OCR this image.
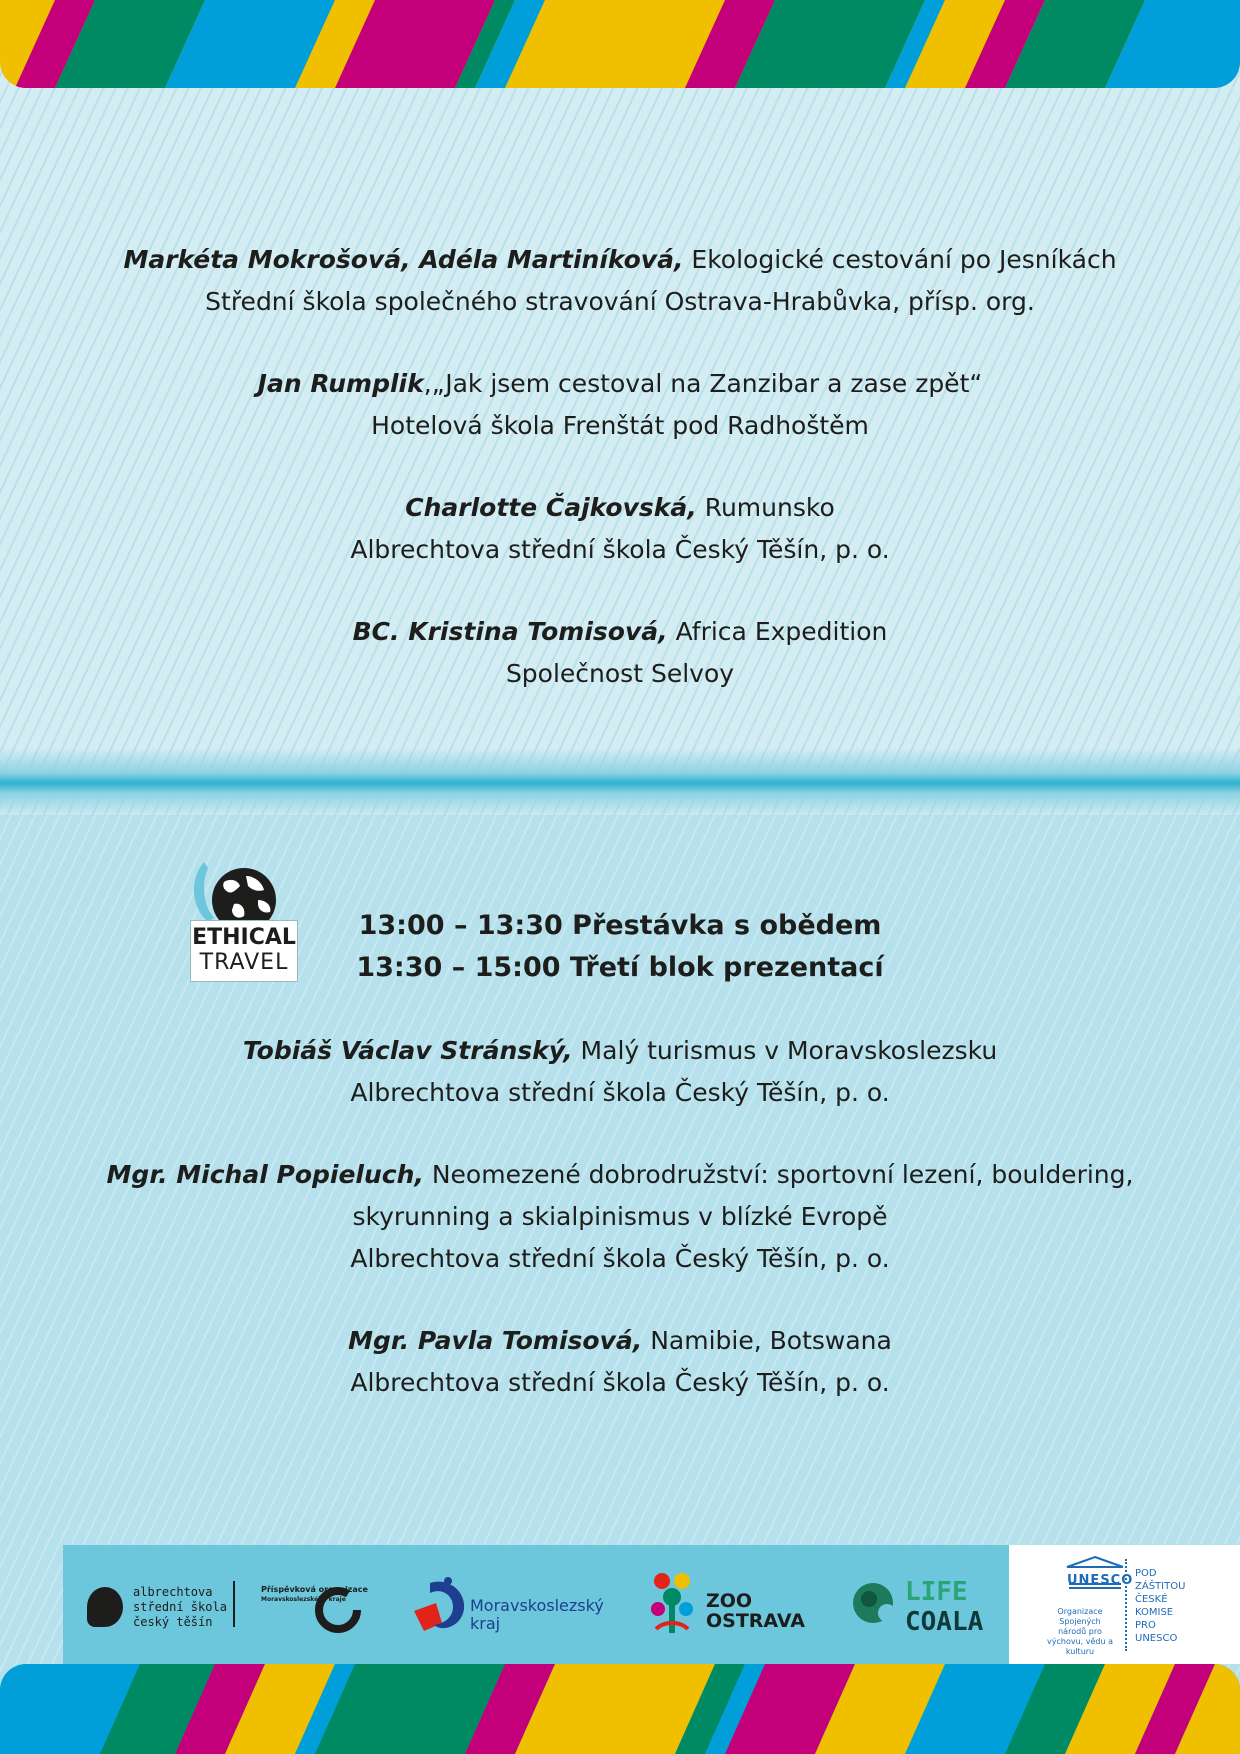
Markéta Mokrošová, Adéla Martiníková, Ekologické cestování po Jesníkách
Střední škola společného stravování Ostrava-Hrabůvka, přísp. org.
Jan Rumplik,„Jak jsem cestoval na Zanzibar a zase zpět“
Hotelová škola Frenštát pod Radhoštěm
Charlotte Čajkovská, Rumunsko
Albrechtova střední škola Český Těšín, p. o.
BC. Kristina Tomisová, Africa Expedition
Společnost Selvoy
ETHICAL
TRAVEL
13:00 – 13:30 Přestávka s obědem
13:30 – 15:00 Třetí blok prezentací
Tobiáš Václav Stránský, Malý turismus v Moravskoslezsku
Albrechtova střední škola Český Těšín, p. o.
Mgr. Michal Popieluch, Neomezené dobrodružství: sportovní lezení, bouldering,
skyrunning a skialpinismus v blízké Evropě
Albrechtova střední škola Český Těšín, p. o.
Mgr. Pavla Tomisová, Namibie, Botswana
Albrechtova střední škola Český Těšín, p. o.
albrechtova
střední škola
český těšín
Příspěvková organizace
Moravskoslezského kraje	Moravskoslezský
kraj
ZOO
OSTRAVA
LIFE
COALA
UNESCO
Organizace Spojených národů pro výchovu, vědu a kulturu
POD
ZÁŠTITOU
ČESKÉ
KOMISE
PRO
UNESCO
